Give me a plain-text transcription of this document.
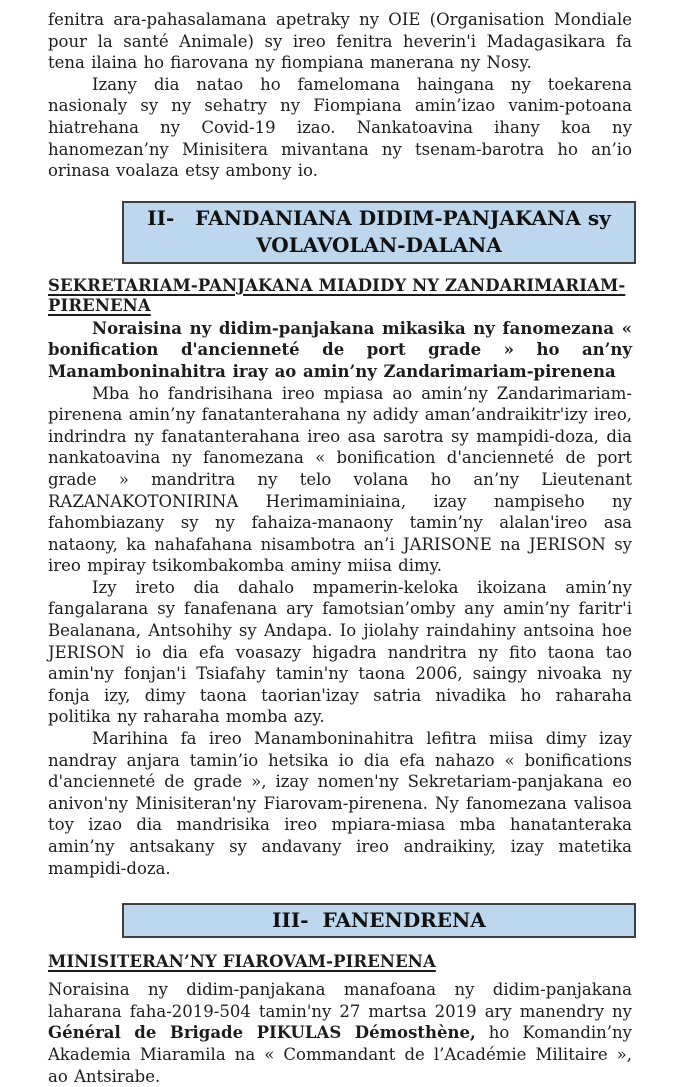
fenitra ara-pahasalamana apetraky ny OIE (Organisation Mondiale pour la santé Animale) sy ireo fenitra heverin'i Madagasikara fa tena ilaina ho fiarovana ny fiompiana manerana ny Nosy.

Izany dia natao ho famelomana haingana ny toekarena nasionaly sy ny sehatry ny Fiompiana amin’izao vanim-potoana hiatrehana ny Covid-19 izao. Nankatoavina ihany koa ny hanomezan’ny Minisitera mivantana ny tsenam-barotra ho an’io orinasa voalaza etsy ambony io.

II-   FANDANIANA DIDIM-PANJAKANA sy
VOLAVOLAN-DALANA
SEKRETARIAM-PANJAKANA MIADIDY NY ZANDARIMARIAM-PIRENENA

Noraisina ny didim-panjakana mikasika ny fanomezana « bonification d'ancienneté de port grade » ho an’ny Manamboninahitra iray ao amin’ny Zandarimariam-pirenena

Mba ho fandrisihana ireo mpiasa ao amin’ny Zandarimariam-pirenena amin’ny fanatanterahana ny adidy aman’andraikitr'izy ireo, indrindra ny fanatanterahana ireo asa sarotra sy mampidi-doza, dia nankatoavina ny fanomezana « bonification d'ancienneté de port grade » mandritra ny telo volana ho an’ny Lieutenant RAZANAKOTONIRINA Herimaminiaina, izay nampiseho ny fahombiazany sy ny fahaiza-manaony tamin’ny alalan'ireo asa nataony, ka nahafahana nisambotra an’i JARISONE na JERISON sy ireo mpiray tsikombakomba aminy miisa dimy.

Izy ireto dia dahalo mpamerin-keloka ikoizana amin’ny fangalarana sy fanafenana ary famotsian’omby any amin’ny faritr'i Bealanana, Antsohihy sy Andapa. Io jiolahy raindahiny antsoina hoe JERISON io dia efa voasazy higadra nandritra ny fito taona tao amin'ny fonjan'i Tsiafahy tamin'ny taona 2006, saingy nivoaka ny fonja izy, dimy taona taorian'izay satria nivadika ho raharaha politika ny raharaha momba azy.

Marihina fa ireo Manamboninahitra lefitra miisa dimy izay nandray anjara tamin’io hetsika io dia efa nahazo « bonifications d'ancienneté de grade », izay nomen'ny Sekretariam-panjakana eo anivon'ny Minisiteran'ny Fiarovam-pirenena. Ny fanomezana valisoa toy izao dia mandrisika ireo mpiara-miasa mba hanatanteraka amin’ny antsakany sy andavany ireo andraikiny, izay matetika mampidi-doza.

III-  FANENDRENA
MINISITERAN’NY FIAROVAM-PIRENENA

Noraisina ny didim-panjakana manafoana ny didim-panjakana laharana faha-2019-504 tamin'ny 27 martsa 2019 ary manendry ny Général de Brigade PIKULAS Démosthène, ho Komandin’ny Akademia Miaramila na « Commandant de l’Académie Militaire », ao Antsirabe.
